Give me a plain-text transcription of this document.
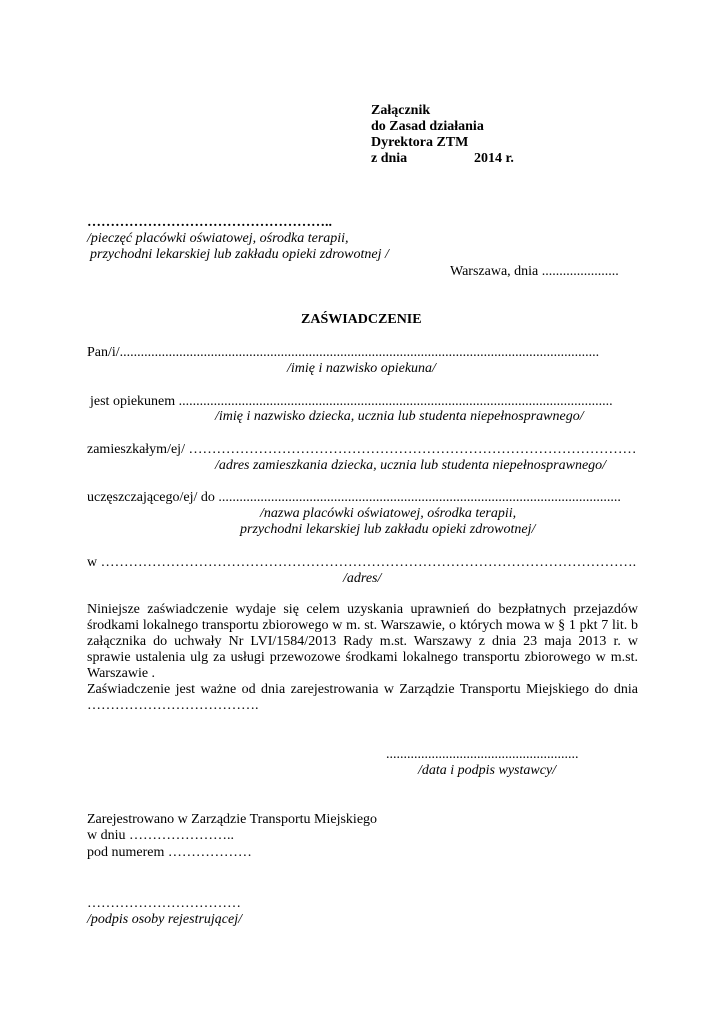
Załącznik
do Zasad działania
Dyrektora ZTM
z dnia	2014 r.
……………………………………………..
/pieczęć placówki oświatowej, ośrodka terapii,
przychodni lekarskiej lub zakładu opieki zdrowotnej /
Warszawa, dnia ......................
ZAŚWIADCZENIE
Pan/i/.........................................................................................................................................
/imię i nazwisko opiekuna/
jest opiekunem ............................................................................................................................
/imię i nazwisko dziecka, ucznia lub studenta niepełnosprawnego/
zamieszkałym/ej/ ……………………………………………………………………………………
/adres zamieszkania dziecka, ucznia lub studenta niepełnosprawnego/
uczęszczającego/ej/ do ...................................................................................................................
/nazwa placówki oświatowej, ośrodka terapii,
przychodni lekarskiej lub zakładu opieki zdrowotnej/
w …………………………………………………………………………………………………….
/adres/

Niniejsze zaświadczenie wydaje się celem uzyskania uprawnień do bezpłatnych przejazdów

środkami lokalnego transportu zbiorowego w m. st. Warszawie, o których mowa w § 1 pkt 7 lit. b

załącznika do uchwały Nr LVI/1584/2013 Rady m.st. Warszawy z dnia 23 maja 2013 r. w

sprawie ustalenia ulg za usługi przewozowe środkami lokalnego transportu zbiorowego w m.st.

Warszawie .

Zaświadczenie jest ważne od dnia zarejestrowania w Zarządzie Transportu Miejskiego do dnia

……………………………….

.......................................................
/data i podpis wystawcy/
Zarejestrowano w Zarządzie Transportu Miejskiego
w dniu …………………..
pod numerem ………………
……………………………
/podpis osoby rejestrującej/
